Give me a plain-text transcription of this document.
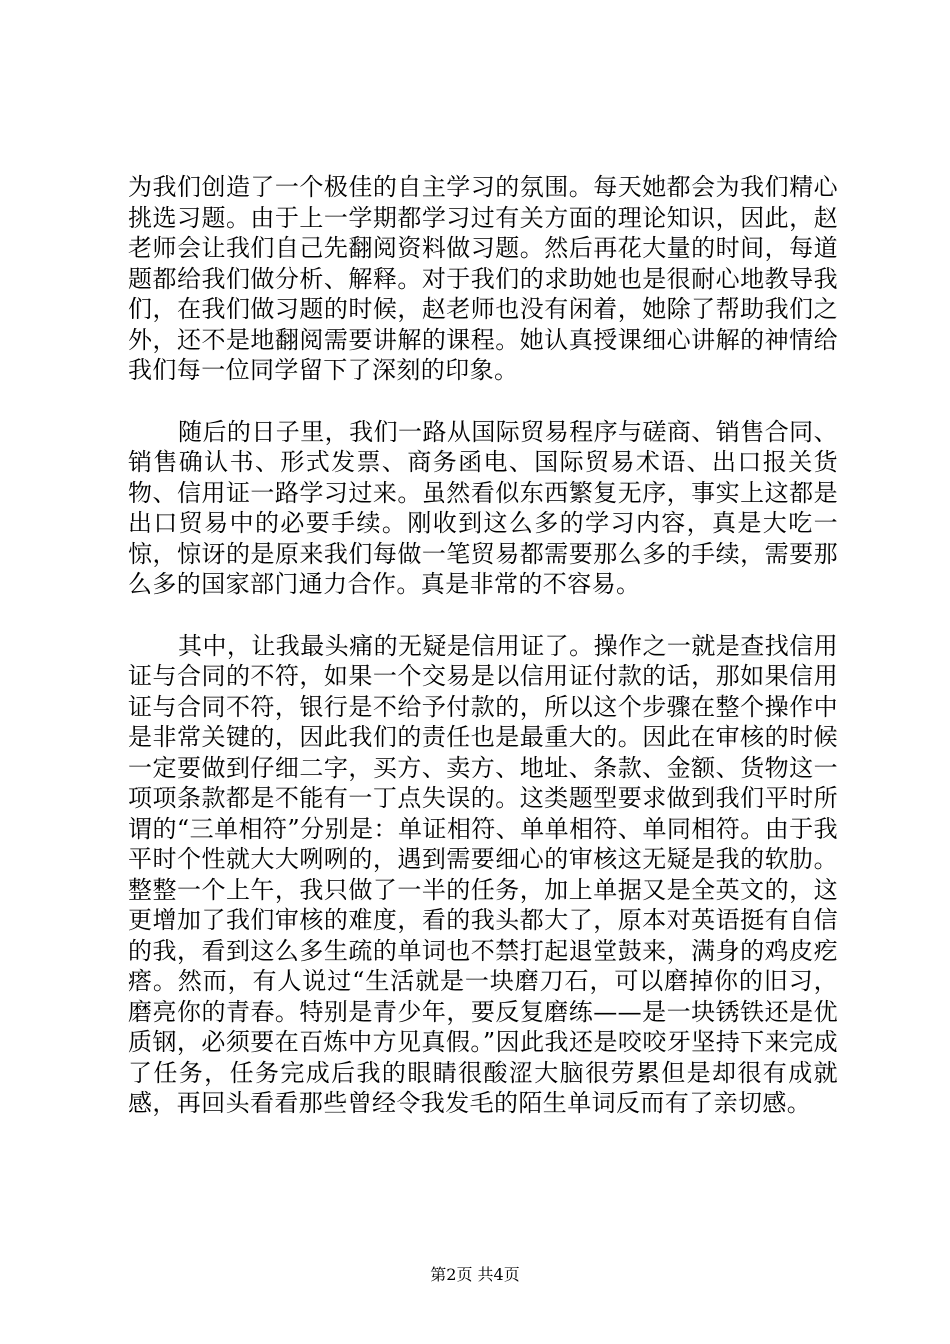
为我们创造了一个极佳的自主学习的氛围。每天她都会为我们精心挑选习题。由于上一学期都学习过有关方面的理论知识，因此，赵老师会让我们自己先翻阅资料做习题。然后再花大量的时间，每道题都给我们做分析、解释。对于我们的求助她也是很耐心地教导我们，在我们做习题的时候，赵老师也没有闲着，她除了帮助我们之外，还不是地翻阅需要讲解的课程。她认真授课细心讲解的神情给我们每一位同学留下了深刻的印象。

随后的日子里，我们一路从国际贸易程序与磋商、销售合同、销售确认书、形式发票、商务函电、国际贸易术语、出口报关货物、信用证一路学习过来。虽然看似东西繁复无序，事实上这都是出口贸易中的必要手续。刚收到这么多的学习内容，真是大吃一惊，惊讶的是原来我们每做一笔贸易都需要那么多的手续，需要那么多的国家部门通力合作。真是非常的不容易。

其中，让我最头痛的无疑是信用证了。操作之一就是查找信用证与合同的不符，如果一个交易是以信用证付款的话，那如果信用证与合同不符，银行是不给予付款的，所以这个步骤在整个操作中是非常关键的，因此我们的责任也是最重大的。因此在审核的时候一定要做到仔细二字，买方、卖方、地址、条款、金额、货物这一项项条款都是不能有一丁点失误的。这类题型要求做到我们平时所谓的“三单相符”分别是：单证相符、单单相符、单同相符。由于我平时个性就大大咧咧的，遇到需要细心的审核这无疑是我的软肋。整整一个上午，我只做了一半的任务，加上单据又是全英文的，这更增加了我们审核的难度，看的我头都大了，原本对英语挺有自信的我，看到这么多生疏的单词也不禁打起退堂鼓来，满身的鸡皮疙瘩。然而，有人说过“生活就是一块磨刀石，可以磨掉你的旧习，磨亮你的青春。特别是青少年，要反复磨练——是一块锈铁还是优质钢，必须要在百炼中方见真假。”因此我还是咬咬牙坚持下来完成了任务，任务完成后我的眼睛很酸涩大脑很劳累但是却很有成就感，再回头看看那些曾经令我发毛的陌生单词反而有了亲切感。

第2页 共4页
